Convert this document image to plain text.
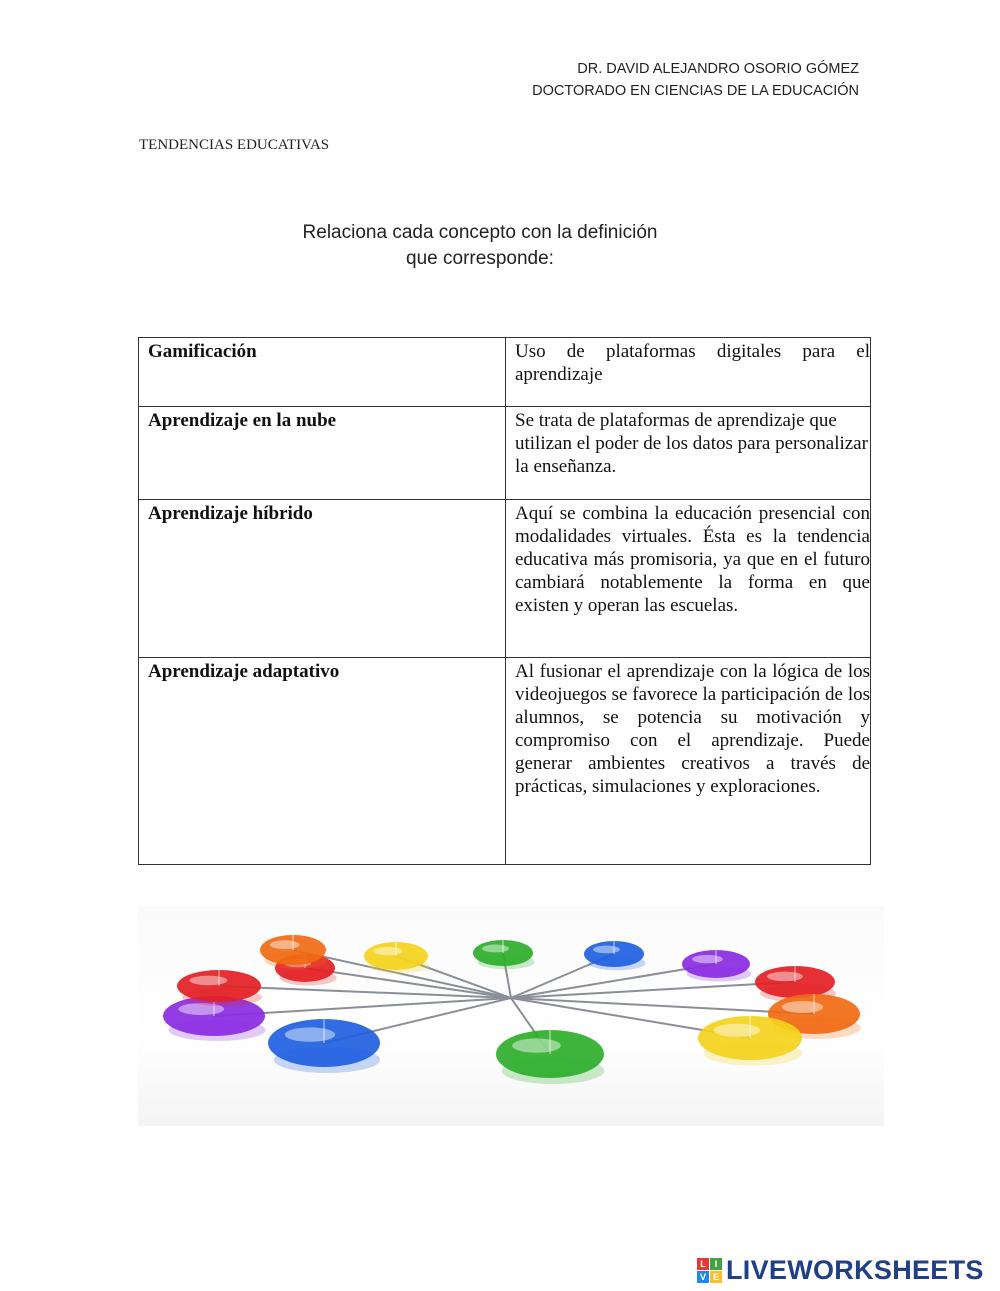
DR. DAVID ALEJANDRO OSORIO GÓMEZ
DOCTORADO EN CIENCIAS DE LA EDUCACIÓN
TENDENCIAS EDUCATIVAS
Relaciona cada concepto con la definición
que corresponde:
Gamificación	Uso de plataformas digitales para el aprendizaje
Aprendizaje en la nube	Se trata de plataformas de aprendizaje que utilizan el poder de los datos para personalizar la enseñanza.
Aprendizaje híbrido	Aquí se combina la educación presencial con modalidades virtuales. Ésta es la tendencia educativa más promisoria, ya que en el futuro cambiará notablemente la forma en que existen y operan las escuelas.
Aprendizaje adaptativo	Al fusionar el aprendizaje con la lógica de los videojuegos se favorece la participación de los alumnos, se potencia su motivación y compromiso con el aprendizaje. Puede generar ambientes creativos a través de prácticas, simulaciones y exploraciones.
L I
V E LIVEWORKSHEETS
